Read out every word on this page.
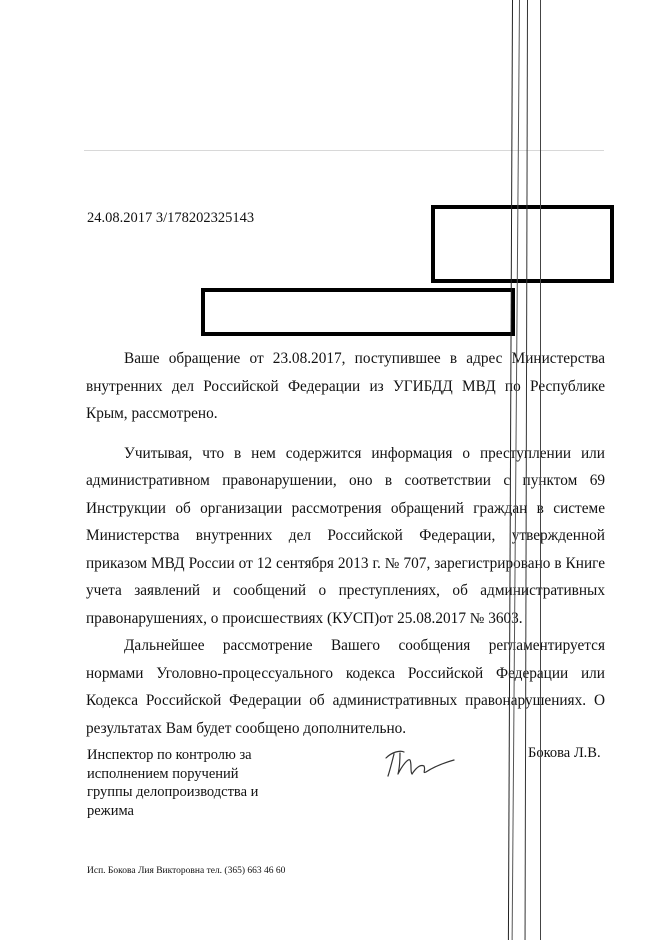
24.08.2017 3/178202325143

Ваше обращение от 23.08.2017, поступившее в адрес Министерства внутренних дел Российской Федерации из УГИБДД МВД по Республике Крым, рассмотрено.

Учитывая, что в нем содержится информация о преступлении или административном правонарушении, оно в соответствии с пунктом 69 Инструкции об организации рассмотрения обращений граждан в системе Министерства внутренних дел Российской Федерации, утвержденной приказом МВД России от 12 сентября 2013 г. № 707, зарегистрировано в Книге учета заявлений и сообщений о преступлениях, об административных правонарушениях, о происшествиях (КУСП)от 25.08.2017 № 3603.

Дальнейшее рассмотрение Вашего сообщения регламентируется нормами Уголовно-процессуального кодекса Российской Федерации или Кодекса Российской Федерации об административных правонарушениях. О результатах Вам будет сообщено дополнительно.

Инспектор по контролю за исполнением поручений группы делопроизводства и режима
Бокова Л.В.
Исп. Бокова Лия Викторовна тел. (365) 663 46 60
